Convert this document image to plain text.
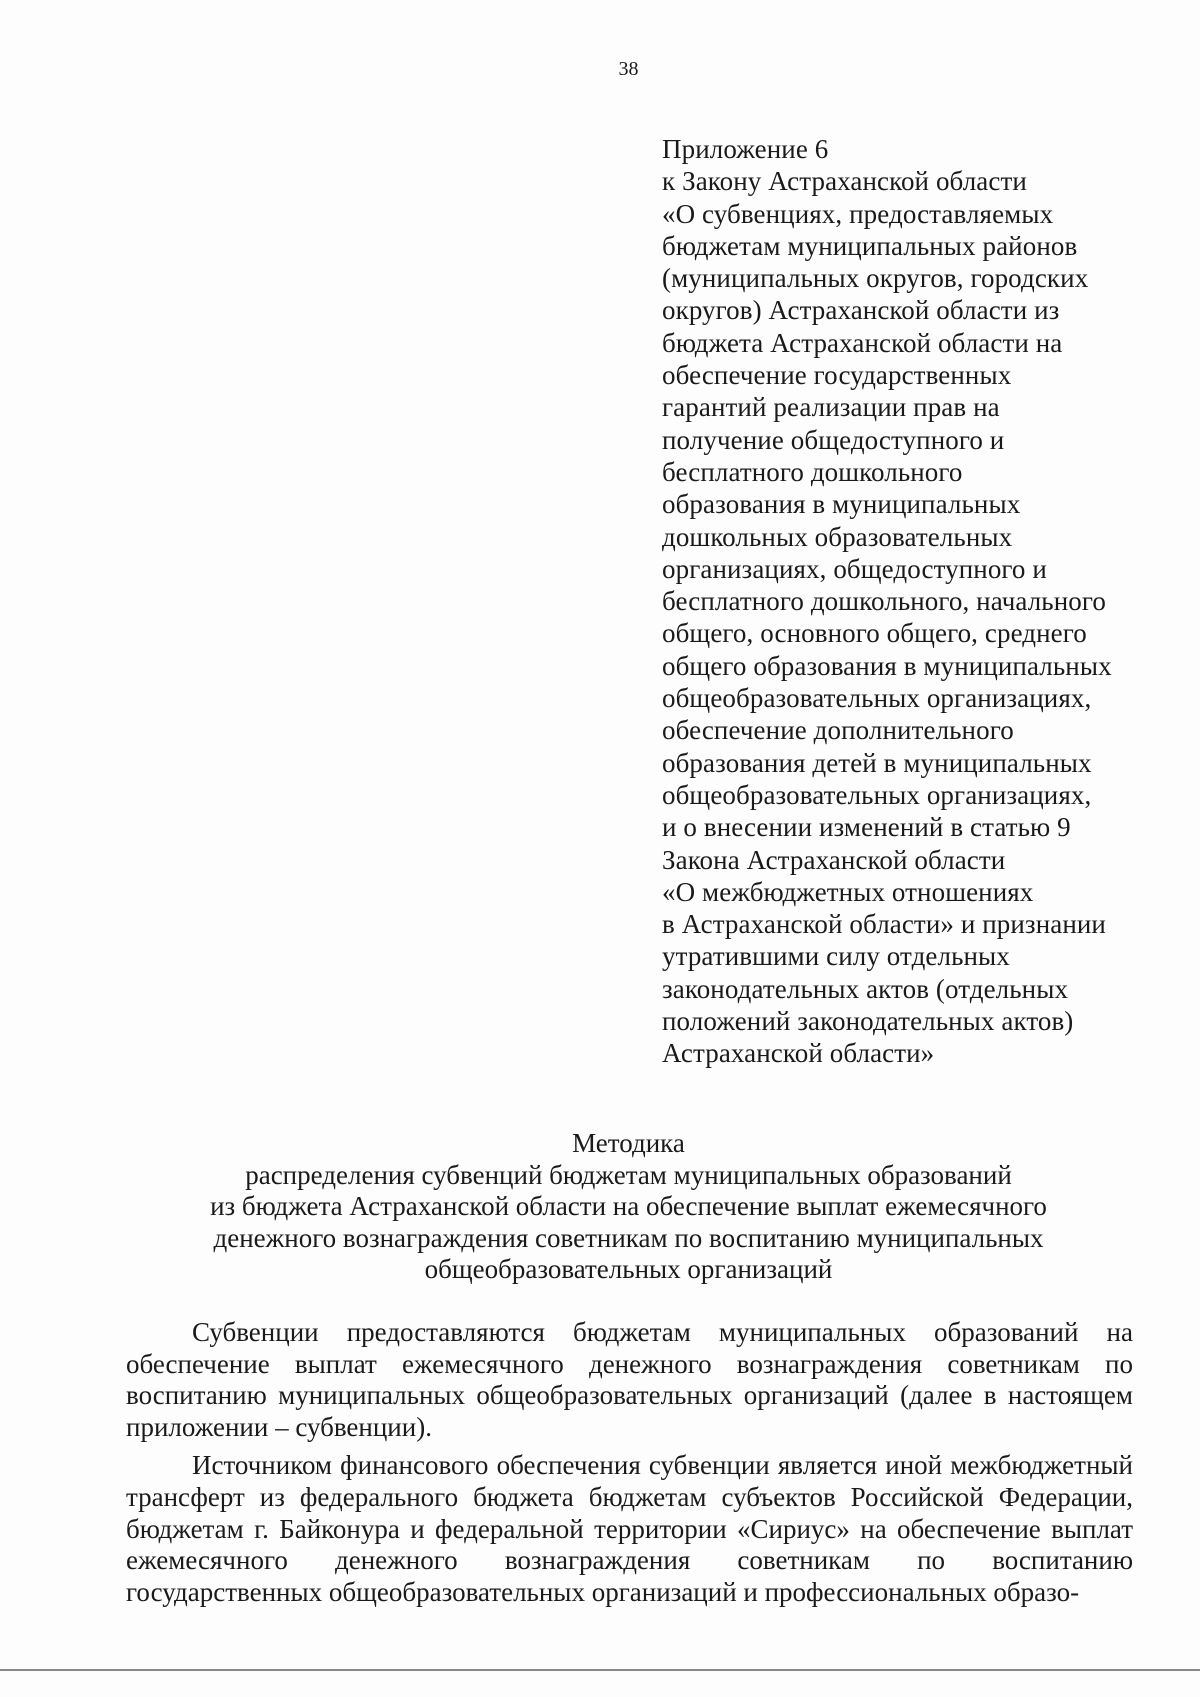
38
Приложение 6
к Закону Астраханской области
«О субвенциях, предоставляемых
бюджетам муниципальных районов
(муниципальных округов, городских
округов) Астраханской области из
бюджета Астраханской области на
обеспечение государственных
гарантий реализации прав на
получение общедоступного и
бесплатного дошкольного
образования в муниципальных
дошкольных образовательных
организациях, общедоступного и
бесплатного дошкольного, начального
общего, основного общего, среднего
общего образования в муниципальных
общеобразовательных организациях,
обеспечение дополнительного
образования детей в муниципальных
общеобразовательных организациях,
и о внесении изменений в статью 9
Закона Астраханской области
«О межбюджетных отношениях
в Астраханской области» и признании
утратившими силу отдельных
законодательных актов (отдельных
положений законодательных актов)
Астраханской области»
Методика
распределения субвенций бюджетам муниципальных образований
из бюджета Астраханской области на обеспечение выплат ежемесячного
денежного вознаграждения советникам по воспитанию муниципальных
общеобразовательных организаций

Субвенции предоставляются бюджетам муниципальных образований на обеспечение выплат ежемесячного денежного вознаграждения советникам по воспитанию муниципальных общеобразовательных организаций (далее в настоящем приложении – субвенции).

Источником финансового обеспечения субвенции является иной межбюджетный трансферт из федерального бюджета бюджетам субъектов Российской Федерации, бюджетам г. Байконура и федеральной территории «Сириус» на обеспечение выплат ежемесячного денежного вознаграждения советникам по воспитанию государственных общеобразовательных организаций и профессиональных образо-
